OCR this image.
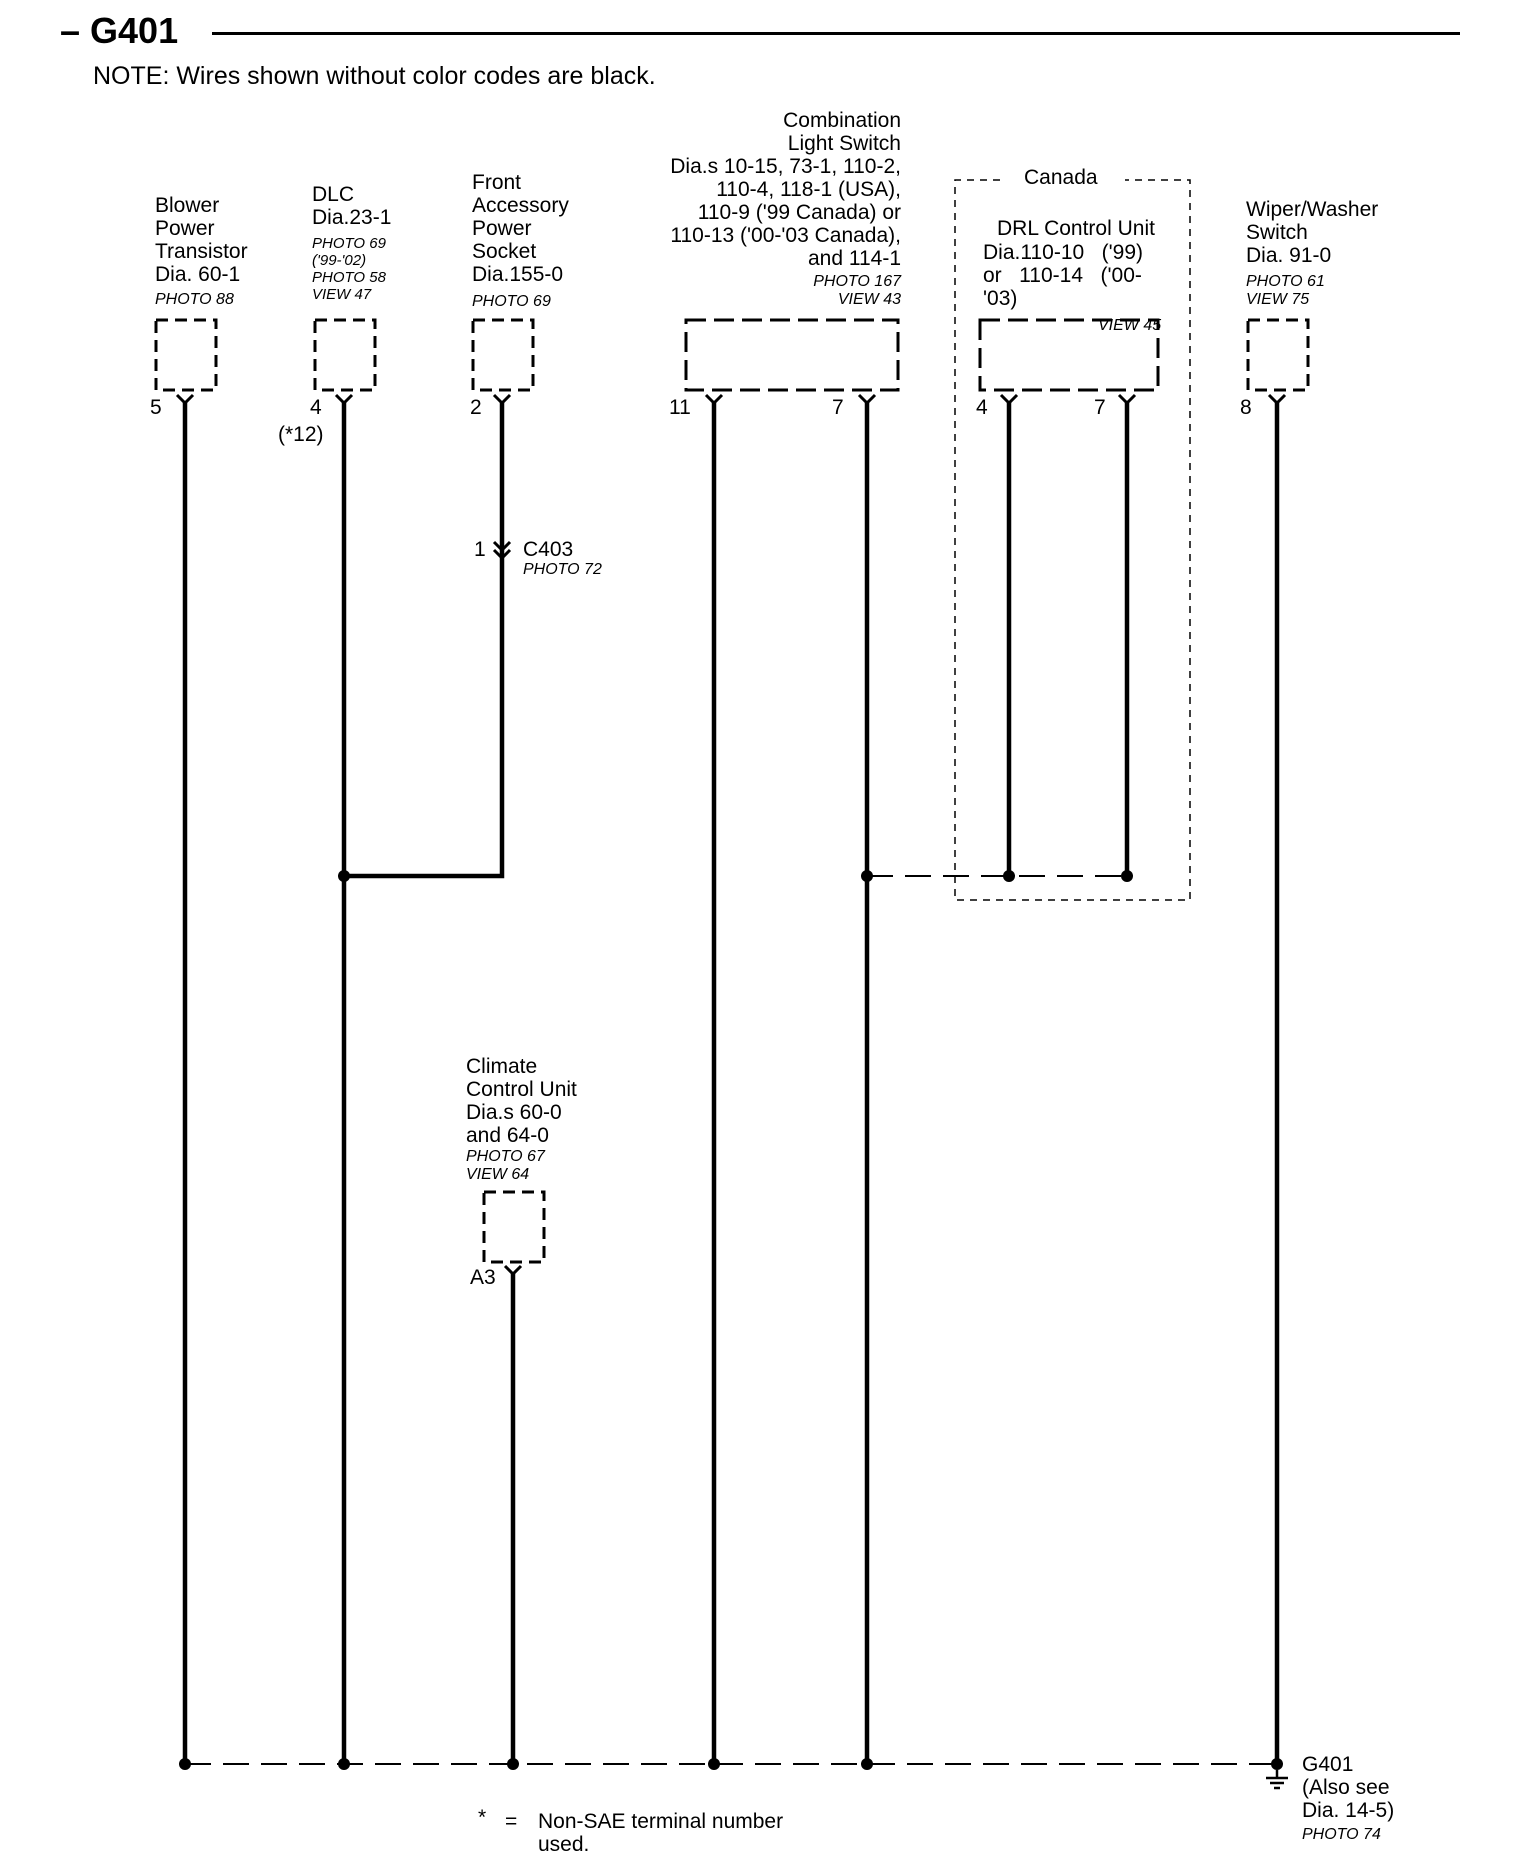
– G401
NOTE: Wires shown without color codes are black.
Blower
Power
Transistor
Dia. 60-1
PHOTO 88
5
DLC
Dia.23-1
PHOTO 69
('99-'02)
PHOTO 58
VIEW 47
4
(*12)
Front
Accessory
Power
Socket
Dia.155-0
PHOTO 69
2
1 C403
PHOTO 72
Combination
Light Switch
Dia.s 10-15, 73-1, 110-2,
110-4, 118-1 (USA),
110-9 ('99 Canada) or
110-13 ('00-'03 Canada),
and 114-1
PHOTO 167
VIEW 43
11	7
Canada
DRL Control Unit
Dia.110-10   ('99)
or   110-14   ('00-
'03)
VIEW 45
4	7
Wiper/Washer
Switch
Dia. 91-0
PHOTO 61
VIEW 75
8
Climate
Control Unit
Dia.s 60-0
and 64-0
PHOTO 67
VIEW 64
A3
G401
(Also see
Dia. 14-5)
PHOTO 74
* = Non-SAE terminal number
used.
